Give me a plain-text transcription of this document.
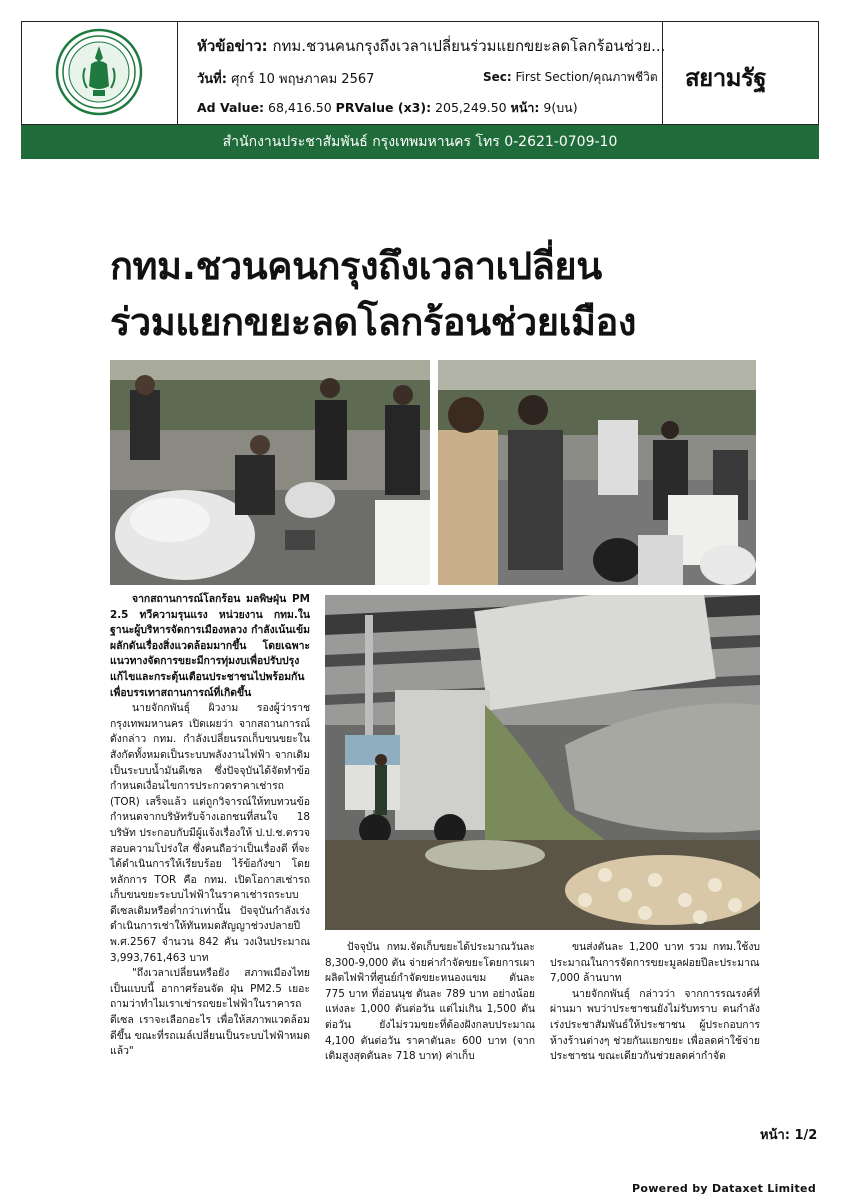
หัวข้อข่าว: กทม.ชวนคนกรุงถึงเวลาเปลี่ยนร่วมแยกขยะลดโลกร้อนช่วย...
วันที่: ศุกร์ 10 พฤษภาคม 2567	Sec: First Section/คุณภาพชีวิต
Ad Value: 68,416.50 PRValue (x3): 205,249.50 หน้า: 9(บน)
สยามรัฐ
สำนักงานประชาสัมพันธ์ กรุงเทพมหานคร โทร 0-2621-0709-10
กทม.ชวนคนกรุงถึงเวลาเปลี่ยน
ร่วมแยกขยะลดโลกร้อนช่วยเมือง

จากสถานการณ์โลกร้อน มลพิษฝุ่น PM 2.5 ทวีความรุนแรง หน่วยงาน กทม.ในฐานะผู้บริหารจัดการเมืองหลวง กำลังเน้นเข้มผลักดันเรื่องสิ่งแวดล้อมมากขึ้น โดยเฉพาะแนวทางจัดการขยะมีการทุ่มงบเพื่อปรับปรุงแก้ไขและกระตุ้นเตือนประชาชนไปพร้อมกัน เพื่อบรรเทาสถานการณ์ที่เกิดขึ้น

นายจักกพันธุ์ ผิวงาม รองผู้ว่าราชกรุงเทพมหานคร เปิดเผยว่า จากสถานการณ์ดังกล่าว กทม. กำลังเปลี่ยนรถเก็บขนขยะในสังกัดทั้งหมดเป็นระบบพลังงานไฟฟ้า จากเดิมเป็นระบบน้ำมันดีเซล ซึ่งปัจจุบันได้จัดทำข้อกำหนดเงื่อนไขการประกวดราคาเช่ารถ (TOR) เสร็จแล้ว แต่ถูกวิจารณ์ให้ทบทวนข้อกำหนดจากบริษัทรับจ้างเอกชนที่สนใจ 18 บริษัท ประกอบกับมีผู้แจ้งเรื่องให้ ป.ป.ช.ตรวจสอบความโปร่งใส ซึ่งคนถือว่าเป็นเรื่องดี ที่จะได้ดำเนินการให้เรียบร้อย ไร้ข้อกังขา โดยหลักการ TOR คือ กทม. เปิดโอกาสเช่ารถเก็บขนขยะระบบไฟฟ้าในราคาเช่ารถระบบดีเซลเดิมหรือต่ำกว่าเท่านั้น ปัจจุบันกำลังเร่งดำเนินการเช่าให้ทันหมดสัญญาช่วงปลายปี พ.ศ.2567 จำนวน 842 คัน วงเงินประมาณ 3,993,761,463 บาท

"ถึงเวลาเปลี่ยนหรือยัง สภาพเมืองไทยเป็นแบบนี้ อากาศร้อนจัด ฝุ่น PM2.5 เยอะถามว่าทำไมเราเช่ารถขยะไฟฟ้าในราคารถดีเซล เราจะเลือกอะไร เพื่อให้สภาพแวดล้อมดีขึ้น ขณะที่รถเมล์เปลี่ยนเป็นระบบไฟฟ้าหมดแล้ว"

ปัจจุบัน กทม.จัดเก็บขยะได้ประมาณวันละ 8,300-9,000 ตัน จ่ายค่ากำจัดขยะโดยการเผาผลิตไฟฟ้าที่ศูนย์กำจัดขยะหนองแขม ตันละ 775 บาท ที่อ่อนนุช ตันละ 789 บาท อย่างน้อยแห่งละ 1,000 ตันต่อวัน แต่ไม่เกิน 1,500 ตันต่อวัน ยังไม่รวมขยะที่ต้องฝังกลบประมาณ 4,100 ตันต่อวัน ราคาตันละ 600 บาท (จากเดิมสูงสุดตันละ 718 บาท) ค่าเก็บ

ขนส่งตันละ 1,200 บาท รวม กทม.ใช้งบประมาณในการจัดการขยะมูลฝอยปีละประมาณ 7,000 ล้านบาท

นายจักกพันธุ์ กล่าวว่า จากการรณรงค์ที่ผ่านมา พบว่าประชาชนยังไม่รับทราบ ตนกำลังเร่งประชาสัมพันธ์ให้ประชาชน ผู้ประกอบการ ห้างร้านต่างๆ ช่วยกันแยกขยะ เพื่อลดค่าใช้จ่ายประชาชน ขณะเดียวกันช่วยลดค่ากำจัด

หน้า: 1/2
Powered by Dataxet Limited
